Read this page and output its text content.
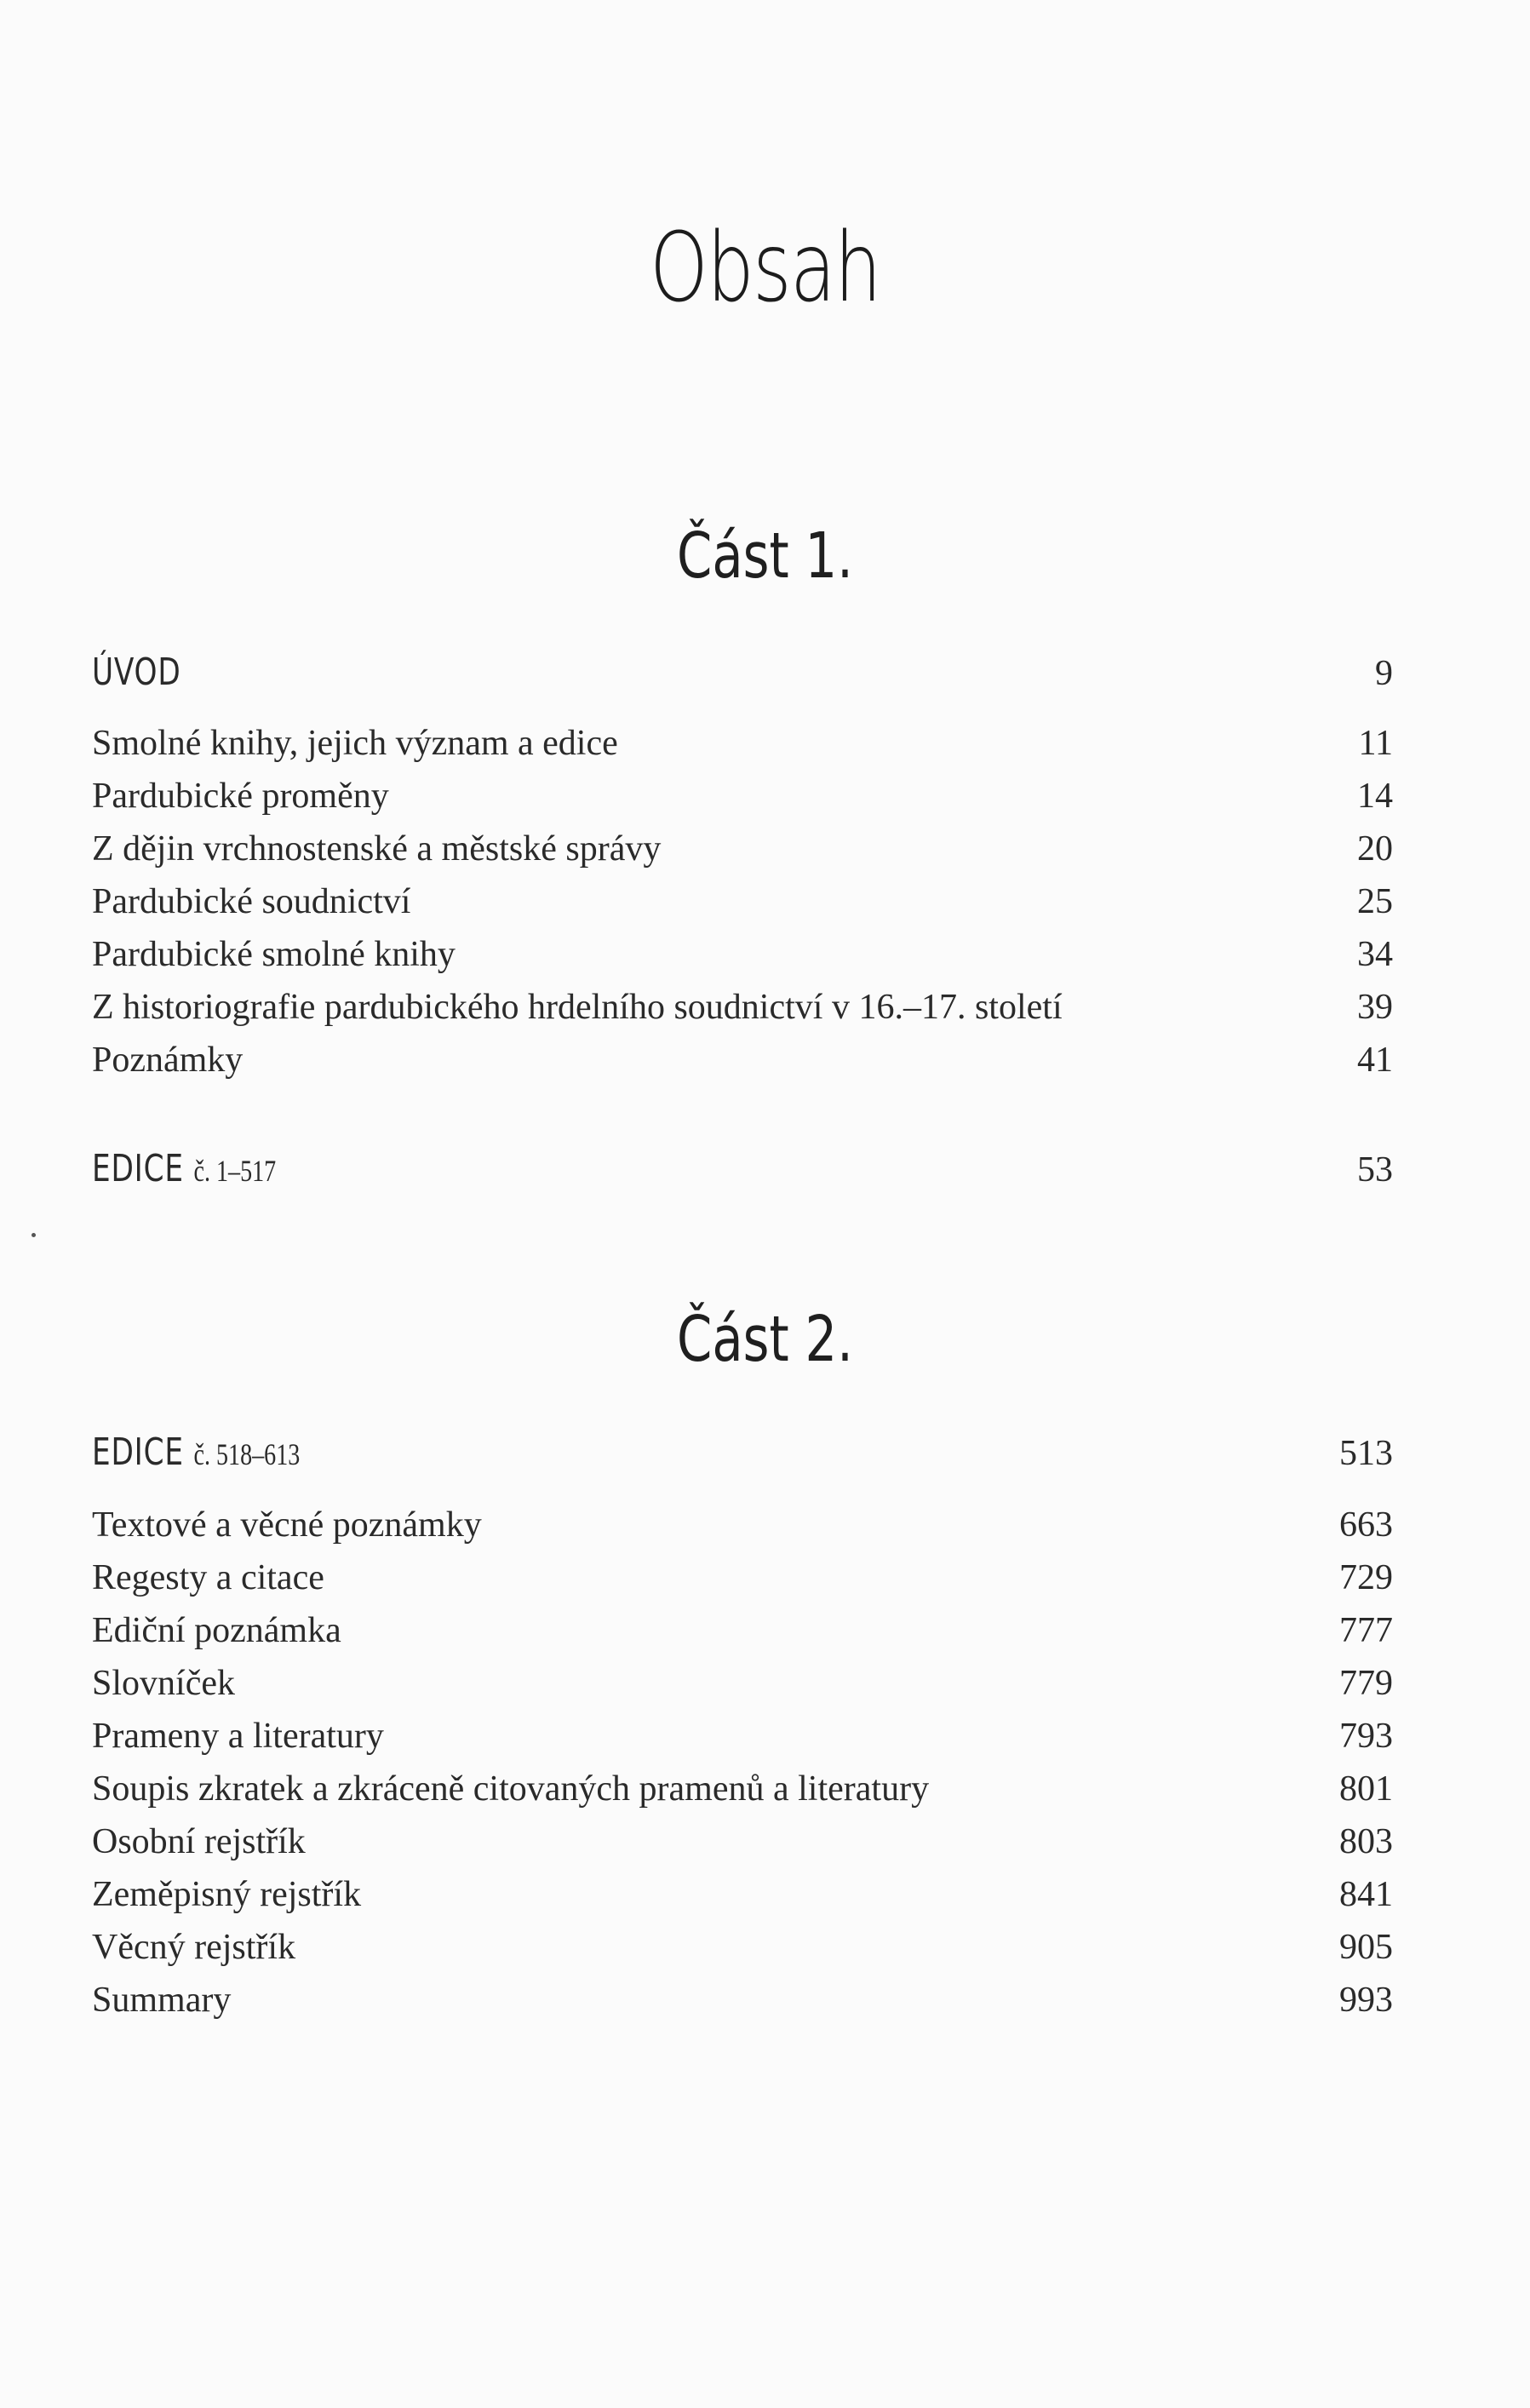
Obsah
Část 1.
ÚVOD	9
Smolné knihy, jejich význam a edice	11
Pardubické proměny	14
Z dějin vrchnostenské a městské správy	20
Pardubické soudnictví	25
Pardubické smolné knihy	34
Z historiografie pardubického hrdelního soudnictví v 16.–17. století	39
Poznámky	41
EDICE č. 1–517	53
Část 2.
EDICE č. 518–613	513
Textové a věcné poznámky	663
Regesty a citace	729
Ediční poznámka	777
Slovníček	779
Prameny a literatury	793
Soupis zkratek a zkráceně citovaných pramenů a literatury	801
Osobní rejstřík	803
Zeměpisný rejstřík	841
Věcný rejstřík	905
Summary	993
